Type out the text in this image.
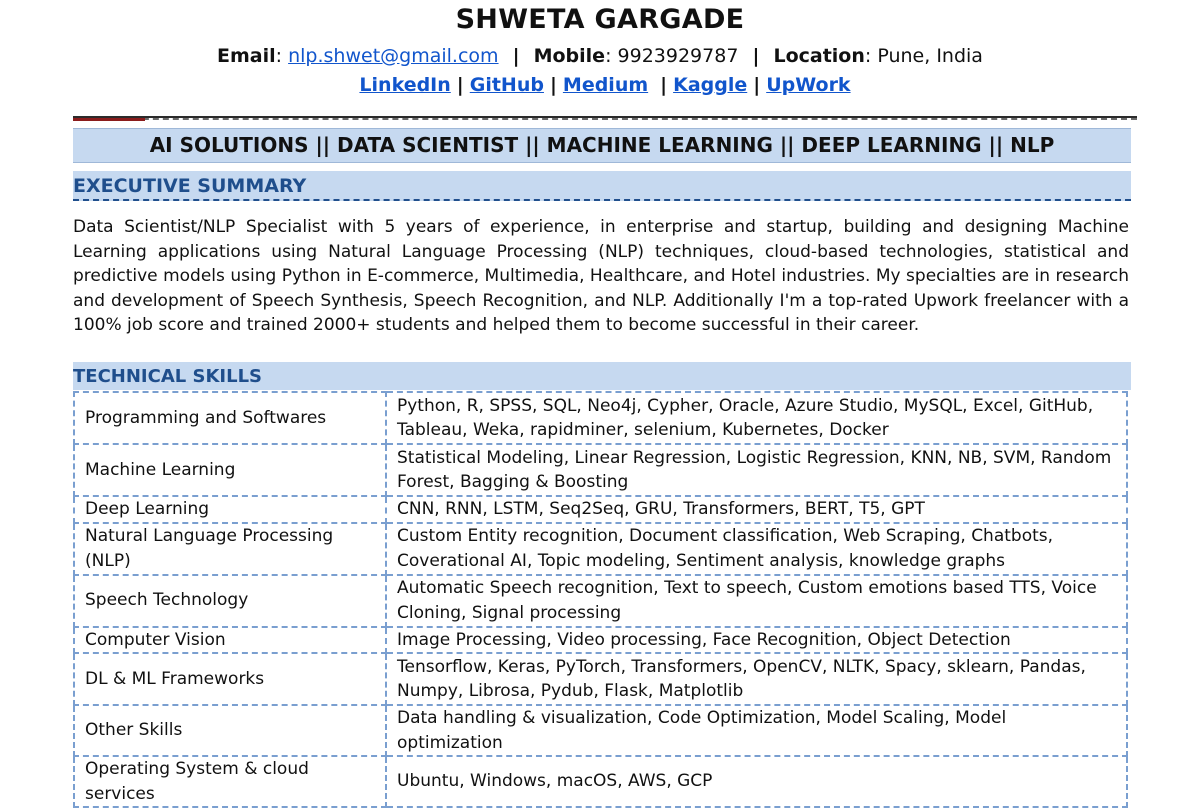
SHWETA GARGADE
Email: nlp.shwet@gmail.com | Mobile: 9923929787 | Location: Pune, India
LinkedIn | GitHub | Medium | Kaggle | UpWork
AI SOLUTIONS || DATA SCIENTIST || MACHINE LEARNING || DEEP LEARNING || NLP
EXECUTIVE SUMMARY
Data Scientist/NLP Specialist with 5 years of experience, in enterprise and startup, building and designing Machine Learning applications using Natural Language Processing (NLP) techniques, cloud-based technologies, statistical and predictive models using Python in E-commerce, Multimedia, Healthcare, and Hotel industries. My specialties are in research and development of Speech Synthesis, Speech Recognition, and NLP. Additionally I'm a top-rated Upwork freelancer with a 100% job score and trained 2000+ students and helped them to become successful in their career.
TECHNICAL SKILLS
Programming and Softwares	Python, R, SPSS, SQL, Neo4j, Cypher, Oracle, Azure Studio, MySQL, Excel, GitHub, Tableau, Weka, rapidminer, selenium, Kubernetes, Docker
Machine Learning	Statistical Modeling, Linear Regression, Logistic Regression, KNN, NB, SVM, Random Forest, Bagging & Boosting
Deep Learning	CNN, RNN, LSTM, Seq2Seq, GRU, Transformers, BERT, T5, GPT
Natural Language Processing (NLP)	Custom Entity recognition, Document classification, Web Scraping, Chatbots, Coverational AI, Topic modeling, Sentiment analysis, knowledge graphs
Speech Technology	Automatic Speech recognition, Text to speech, Custom emotions based TTS, Voice Cloning, Signal processing
Computer Vision	Image Processing, Video processing, Face Recognition, Object Detection
DL & ML Frameworks	Tensorflow, Keras, PyTorch, Transformers, OpenCV, NLTK, Spacy, sklearn, Pandas, Numpy, Librosa, Pydub, Flask, Matplotlib
Other Skills	Data handling & visualization, Code Optimization, Model Scaling, Model optimization
Operating System & cloud services	Ubuntu, Windows, macOS, AWS, GCP
